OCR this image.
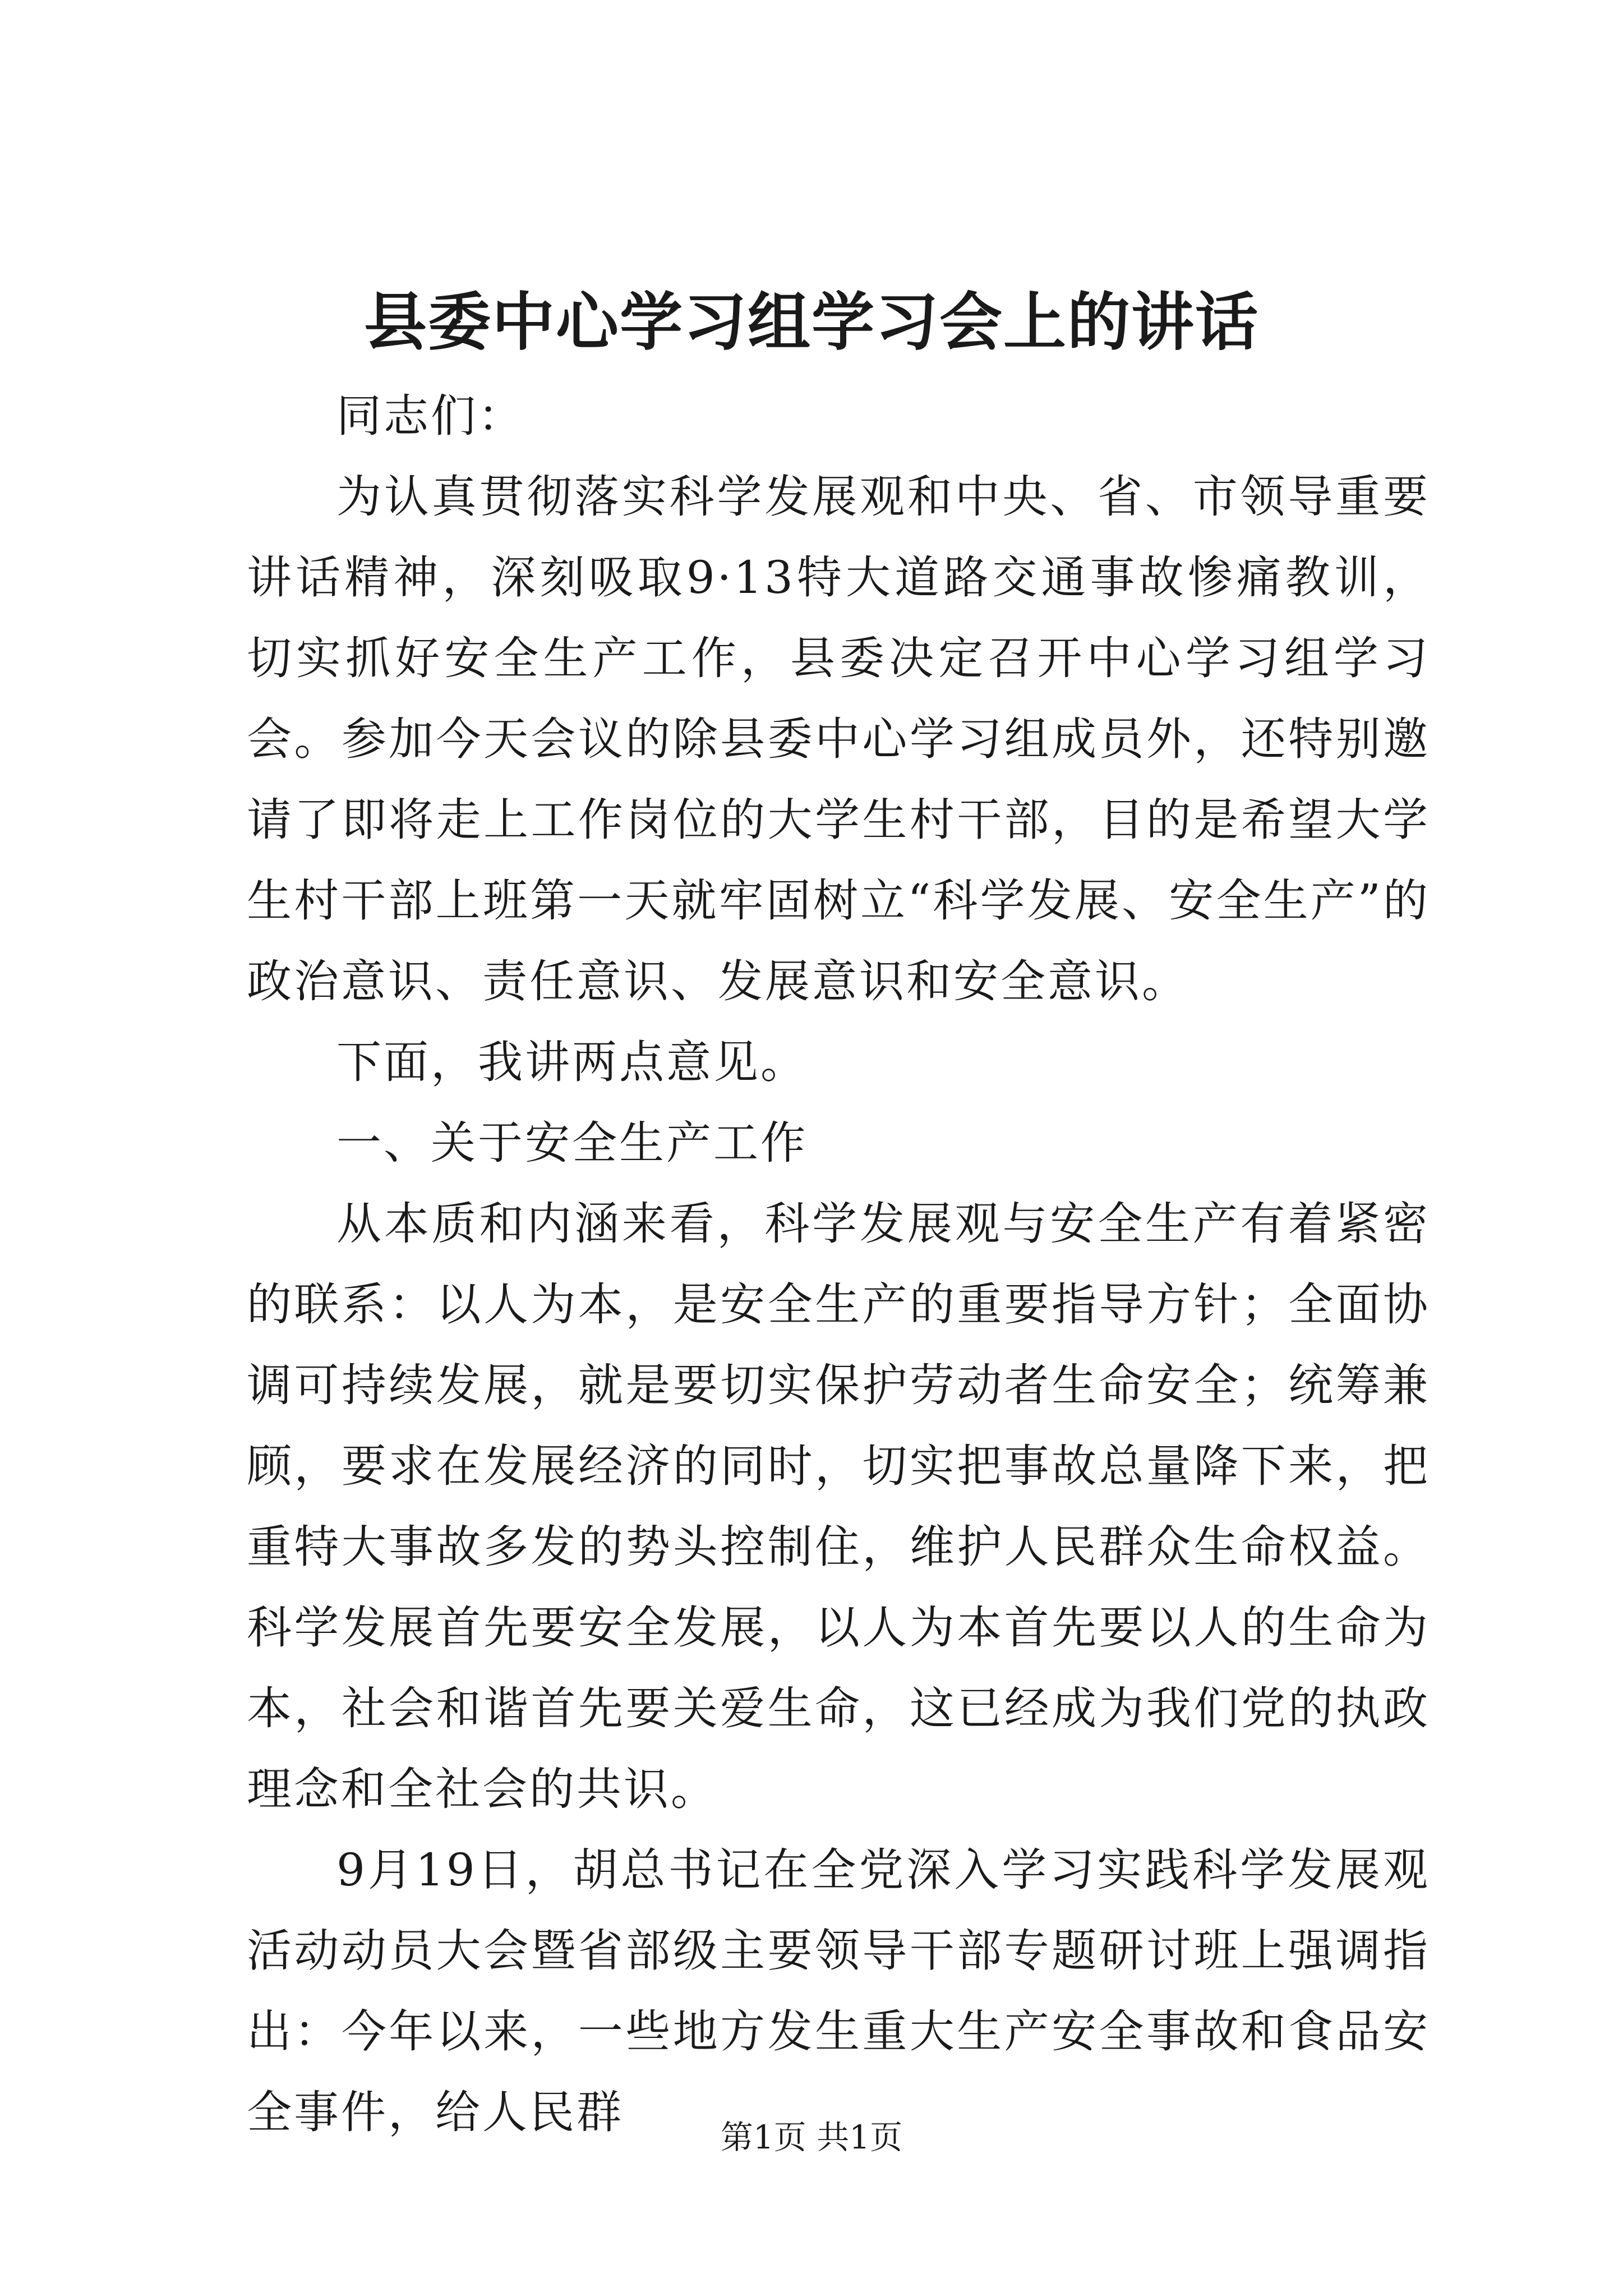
县委中心学习组学习会上的讲话

同志们：

为认真贯彻落实科学发展观和中央、省、市领导重要讲话精神，深刻吸取9·13特大道路交通事故惨痛教训，切实抓好安全生产工作，县委决定召开中心学习组学习会。参加今天会议的除县委中心学习组成员外，还特别邀请了即将走上工作岗位的大学生村干部，目的是希望大学生村干部上班第一天就牢固树立“科学发展、安全生产”的政治意识、责任意识、发展意识和安全意识。

下面，我讲两点意见。

一、关于安全生产工作

从本质和内涵来看，科学发展观与安全生产有着紧密的联系：以人为本，是安全生产的重要指导方针；全面协调可持续发展，就是要切实保护劳动者生命安全；统筹兼顾，要求在发展经济的同时，切实把事故总量降下来，把重特大事故多发的势头控制住，维护人民群众生命权益。科学发展首先要安全发展，以人为本首先要以人的生命为本，社会和谐首先要关爱生命，这已经成为我们党的执政理念和全社会的共识。

9月19日，胡总书记在全党深入学习实践科学发展观活动动员大会暨省部级主要领导干部专题研讨班上强调指出：今年以来，一些地方发生重大生产安全事故和食品安全事件，给人民群	第1页 共1页
